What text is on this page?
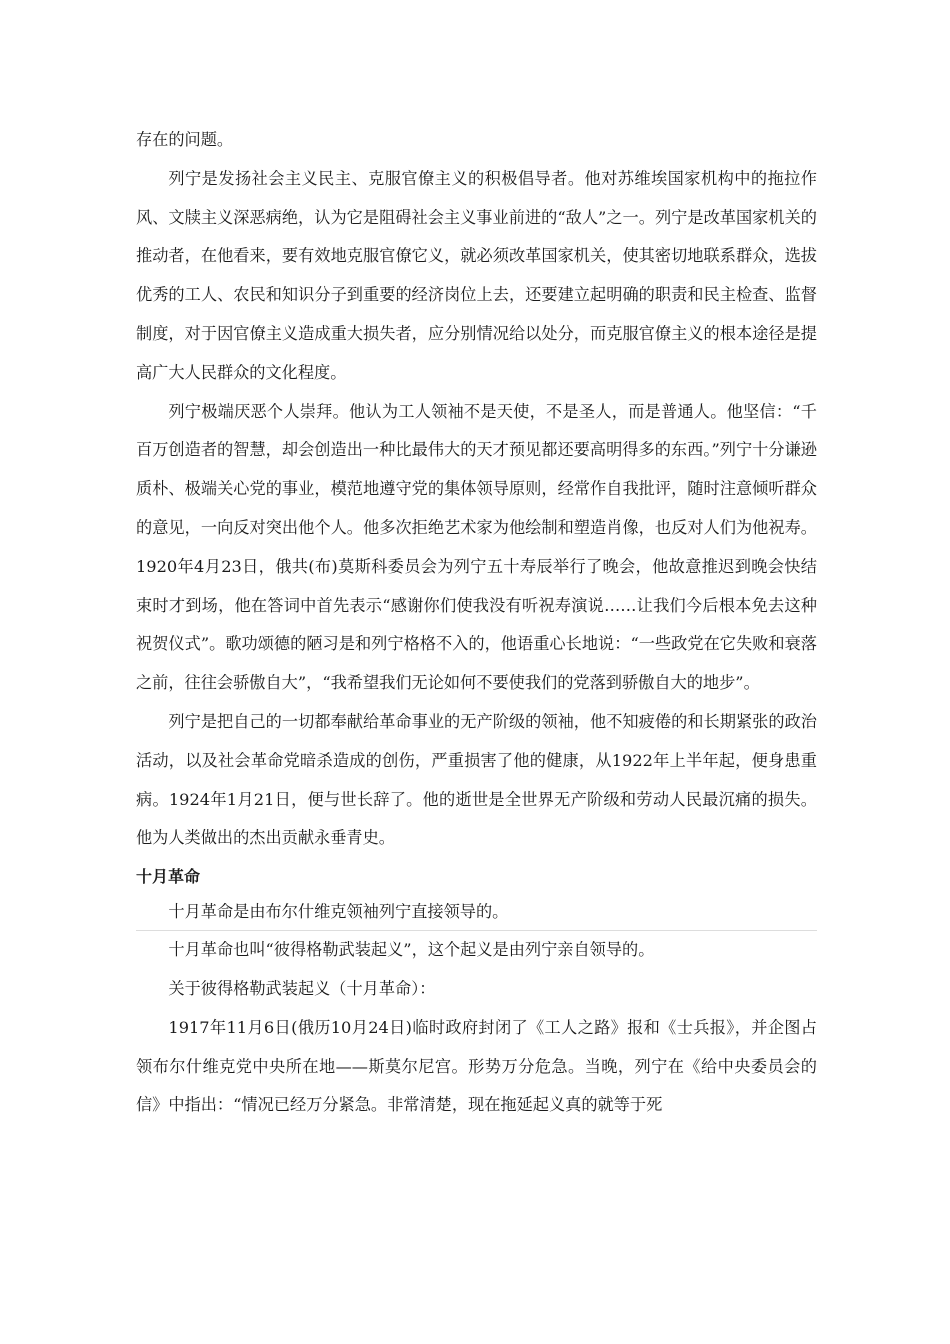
存在的问题。

列宁是发扬社会主义民主、克服官僚主义的积极倡导者。他对苏维埃国家机构中的拖拉作风、文牍主义深恶病绝，认为它是阻碍社会主义事业前进的“敌人”之一。列宁是改革国家机关的推动者，在他看来，要有效地克服官僚它义，就必须改革国家机关，使其密切地联系群众，选拔优秀的工人、农民和知识分子到重要的经济岗位上去，还要建立起明确的职责和民主检查、监督制度，对于因官僚主义造成重大损失者，应分别情况给以处分，而克服官僚主义的根本途径是提高广大人民群众的文化程度。

列宁极端厌恶个人崇拜。他认为工人领袖不是天使，不是圣人，而是普通人。他坚信：“千百万创造者的智慧，却会创造出一种比最伟大的天才预见都还要高明得多的东西。”列宁十分谦逊质朴、极端关心党的事业，模范地遵守党的集体领导原则，经常作自我批评，随时注意倾听群众的意见，一向反对突出他个人。他多次拒绝艺术家为他绘制和塑造肖像，也反对人们为他祝寿。1920年4月23日，俄共(布)莫斯科委员会为列宁五十寿辰举行了晚会，他故意推迟到晚会快结束时才到场，他在答词中首先表示“感谢你们使我没有听祝寿演说……让我们今后根本免去这种祝贺仪式”。歌功颂德的陋习是和列宁格格不入的，他语重心长地说：“一些政党在它失败和衰落之前，往往会骄傲自大”，“我希望我们无论如何不要使我们的党落到骄傲自大的地步”。

列宁是把自己的一切都奉献给革命事业的无产阶级的领袖，他不知疲倦的和长期紧张的政治活动，以及社会革命党暗杀造成的创伤，严重损害了他的健康，从1922年上半年起，便身患重病。1924年1月21日，便与世长辞了。他的逝世是全世界无产阶级和劳动人民最沉痛的损失。他为人类做出的杰出贡献永垂青史。

十月革命

十月革命是由布尔什维克领袖列宁直接领导的。

十月革命也叫“彼得格勒武装起义”，这个起义是由列宁亲自领导的。

关于彼得格勒武装起义（十月革命）：

1917年11月6日(俄历10月24日)临时政府封闭了《工人之路》报和《士兵报》，并企图占领布尔什维克党中央所在地——斯莫尔尼宫。形势万分危急。当晚，列宁在《给中央委员会的信》中指出：“情况已经万分紧急。非常清楚，现在拖延起义真的就等于死
